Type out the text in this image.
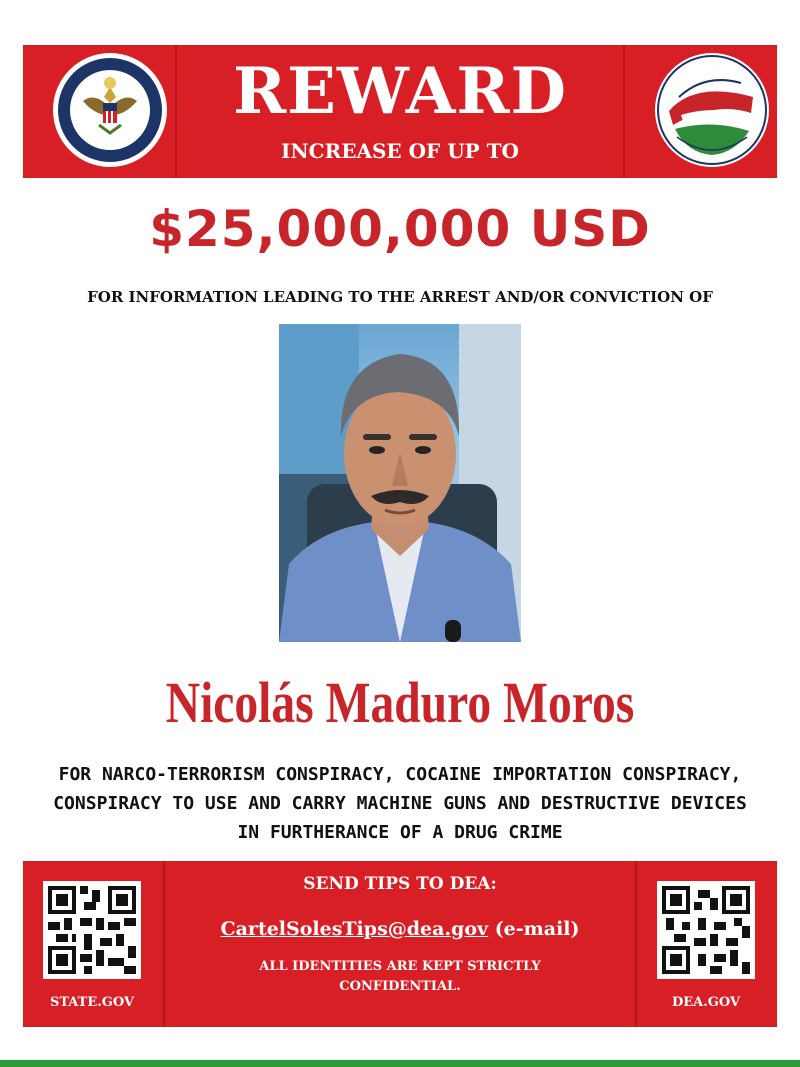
REWARD
INCREASE OF UP TO
$25,000,000 USD
FOR INFORMATION LEADING TO THE ARREST AND/OR CONVICTION OF
Nicolás Maduro Moros
FOR NARCO-TERRORISM CONSPIRACY, COCAINE IMPORTATION CONSPIRACY, CONSPIRACY TO USE AND CARRY MACHINE GUNS AND DESTRUCTIVE DEVICES IN FURTHERANCE OF A DRUG CRIME
STATE.GOV
SEND TIPS TO DEA:
CartelSolesTips@dea.gov (e-mail)
ALL IDENTITIES ARE KEPT STRICTLY CONFIDENTIAL.
DEA.GOV
